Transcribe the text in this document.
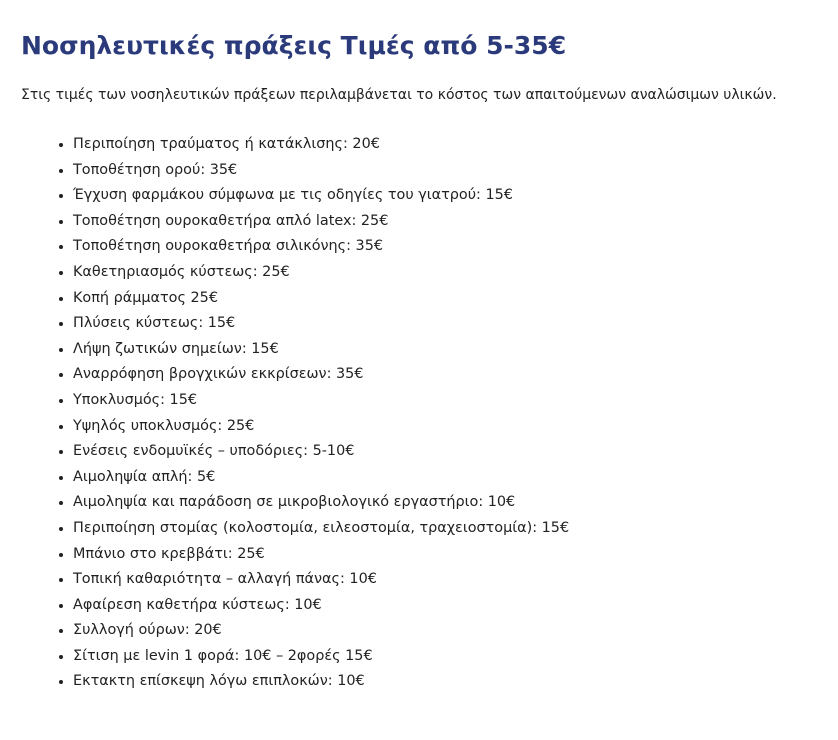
Νοσηλευτικές πράξεις Τιμές από 5-35€

Στις τιμές των νοσηλευτικών πράξεων περιλαμβάνεται το κόστος των απαιτούμενων αναλώσιμων υλικών.

• Περιποίηση τραύματος ή κατάκλισης: 20€
• Τοποθέτηση ορού: 35€
• Έγχυση φαρμάκου σύμφωνα με τις οδηγίες του γιατρού: 15€
• Τοποθέτηση ουροκαθετήρα απλό latex: 25€
• Τοποθέτηση ουροκαθετήρα σιλικόνης: 35€
• Καθετηριασμός κύστεως: 25€
• Κοπή ράμματος 25€
• Πλύσεις κύστεως: 15€
• Λήψη ζωτικών σημείων: 15€
• Αναρρόφηση βρογχικών εκκρίσεων: 35€
• Υποκλυσμός: 15€
• Υψηλός υποκλυσμός: 25€
• Ενέσεις ενδομυϊκές – υποδόριες: 5-10€
• Αιμοληψία απλή: 5€
• Αιμοληψία και παράδοση σε μικροβιολογικό εργαστήριο: 10€
• Περιποίηση στομίας (κολοστομία, ειλεοστομία, τραχειοστομία): 15€
• Μπάνιο στο κρεββάτι: 25€
• Τοπική καθαριότητα – αλλαγή πάνας: 10€
• Αφαίρεση καθετήρα κύστεως: 10€
• Συλλογή ούρων: 20€
• Σίτιση με levin 1 φορά: 10€ – 2φορές 15€
• Εκτακτη επίσκεψη λόγω επιπλοκών: 10€
